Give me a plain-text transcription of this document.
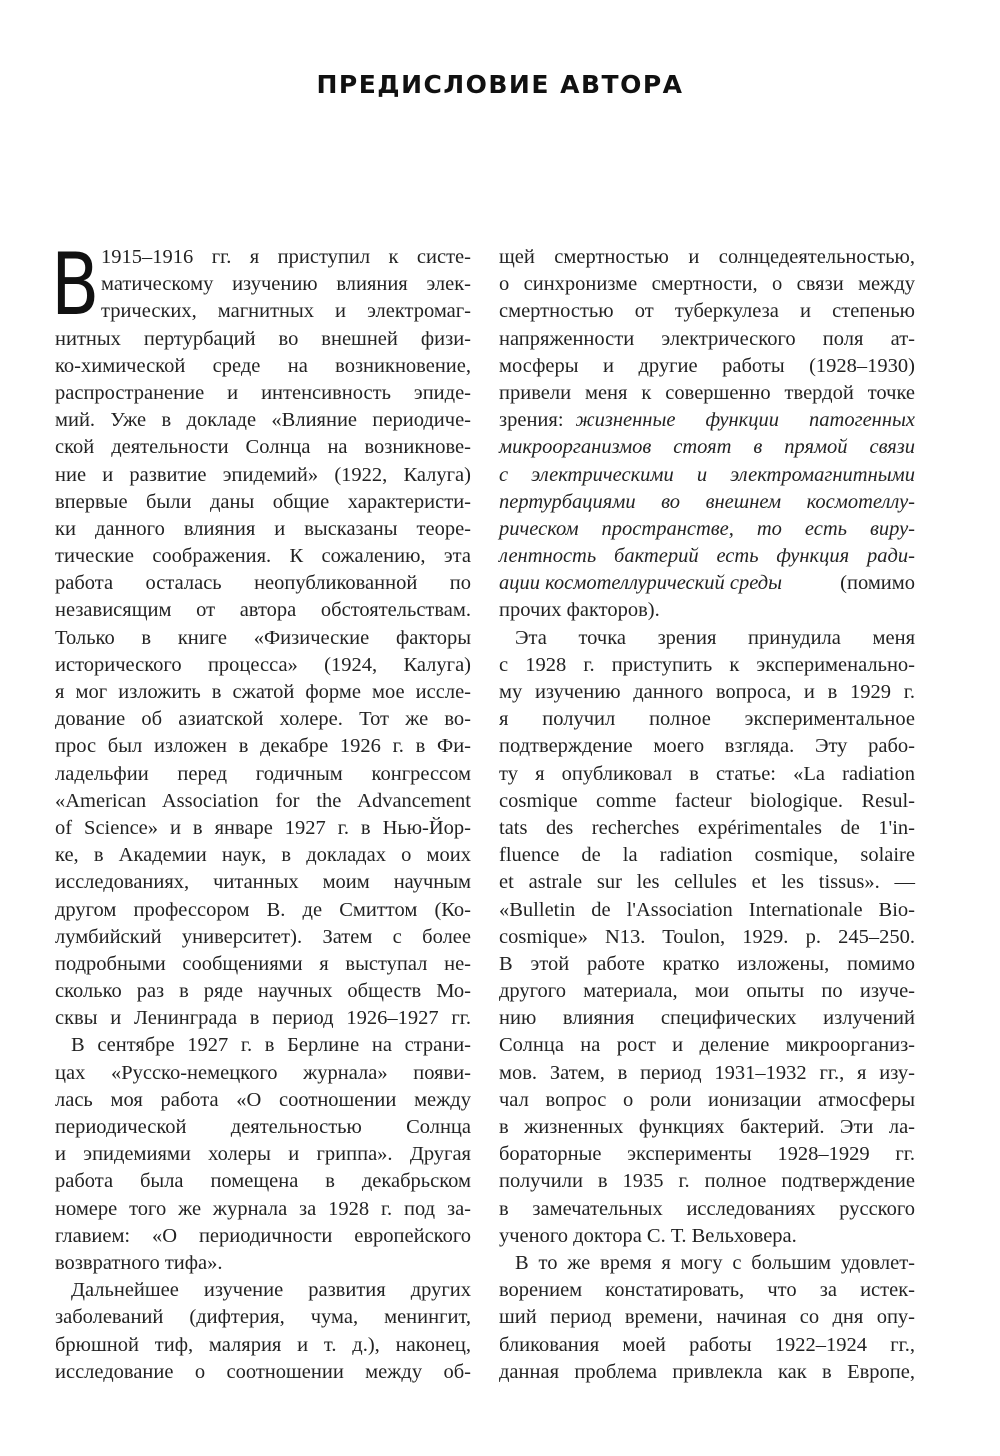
ПРЕДИСЛОВИЕ АВТОРА
В 1915–1916 гг. я приступил к систе-
матическому изучению влияния элек-
трических, магнитных и электромаг-
нитных пертурбаций во внешней физи-
ко-химической среде на возникновение,
распространение и интенсивность эпиде-
мий. Уже в докладе «Влияние периодиче-
ской деятельности Солнца на возникнове-
ние и развитие эпидемий» (1922, Калуга)
впервые были даны общие характеристи-
ки данного влияния и высказаны теоре-
тические соображения. К сожалению, эта
работа осталась неопубликованной по
независящим от автора обстоятельствам.
Только в книге «Физические факторы
исторического процесса» (1924, Калуга)
я мог изложить в сжатой форме мое иссле-
дование об азиатской холере. Тот же во-
прос был изложен в декабре 1926 г. в Фи-
ладельфии перед годичным конгрессом
«American Association for the Advancement
of Science» и в январе 1927 г. в Нью-Йор-
ке, в Академии наук, в докладах о моих
исследованиях, читанных моим научным
другом профессором В. де Смиттом (Ко-
лумбийский университет). Затем с более
подробными сообщениями я выступал не-
сколько раз в ряде научных обществ Мо-
сквы и Ленинграда в период 1926–1927 гг.
В сентябре 1927 г. в Берлине на страни-
цах «Русско-немецкого журнала» появи-
лась моя работа «О соотношении между
периодической деятельностью Солнца
и эпидемиями холеры и гриппа». Другая
работа была помещена в декабрьском
номере того же журнала за 1928 г. под за-
главием: «О периодичности европейского
возвратного тифа».
Дальнейшее изучение развития других
заболеваний (дифтерия, чума, менингит,
брюшной тиф, малярия и т. д.), наконец,
исследование о соотношении между об-
щей смертностью и солнцедеятельностью,
о синхронизме смертности, о связи между
смертностью от туберкулеза и степенью
напряженности электрического поля ат-
мосферы и другие работы (1928–1930)
привели меня к совершенно твердой точке
зрения: жизненные функции патогенных
микроорганизмов стоят в прямой связи
с электрическими и электромагнитными
пертурбациями во внешнем космотеллу-
рическом пространстве, то есть виру-
лентность бактерий есть функция ради-
ации космотеллурический среды	(помимо
прочих факторов).
Эта точка зрения принудила меня
с 1928 г. приступить к эксперименально-
му изучению данного вопроса, и в 1929 г.
я получил полное экспериментальное
подтверждение моего взгляда. Эту рабо-
ту я опубликовал в статье: «La radiation
cosmique comme facteur biologique. Resul-
tats des recherches expérimentales de 1'in-
fluence de la radiation cosmique, solaire
et astrale sur les cellules et les tissus». —
«Bulletin de l'Association Internationale Bio-
cosmique» N13. Toulon, 1929. p. 245–250.
В этой работе кратко изложены, помимо
другого материала, мои опыты по изуче-
нию влияния специфических излучений
Солнца на рост и деление микроорганиз-
мов. Затем, в период 1931–1932 гг., я изу-
чал вопрос о роли ионизации атмосферы
в жизненных функциях бактерий. Эти ла-
бораторные эксперименты 1928–1929 гг.
получили в 1935 г. полное подтверждение
в замечательных исследованиях русского
ученого доктора С. Т. Вельховера.
В то же время я могу с большим удовлет-
ворением констатировать, что за истек-
ший период времени, начиная со дня опу-
бликования моей работы 1922–1924 гг.,
данная проблема привлекла как в Европе,
